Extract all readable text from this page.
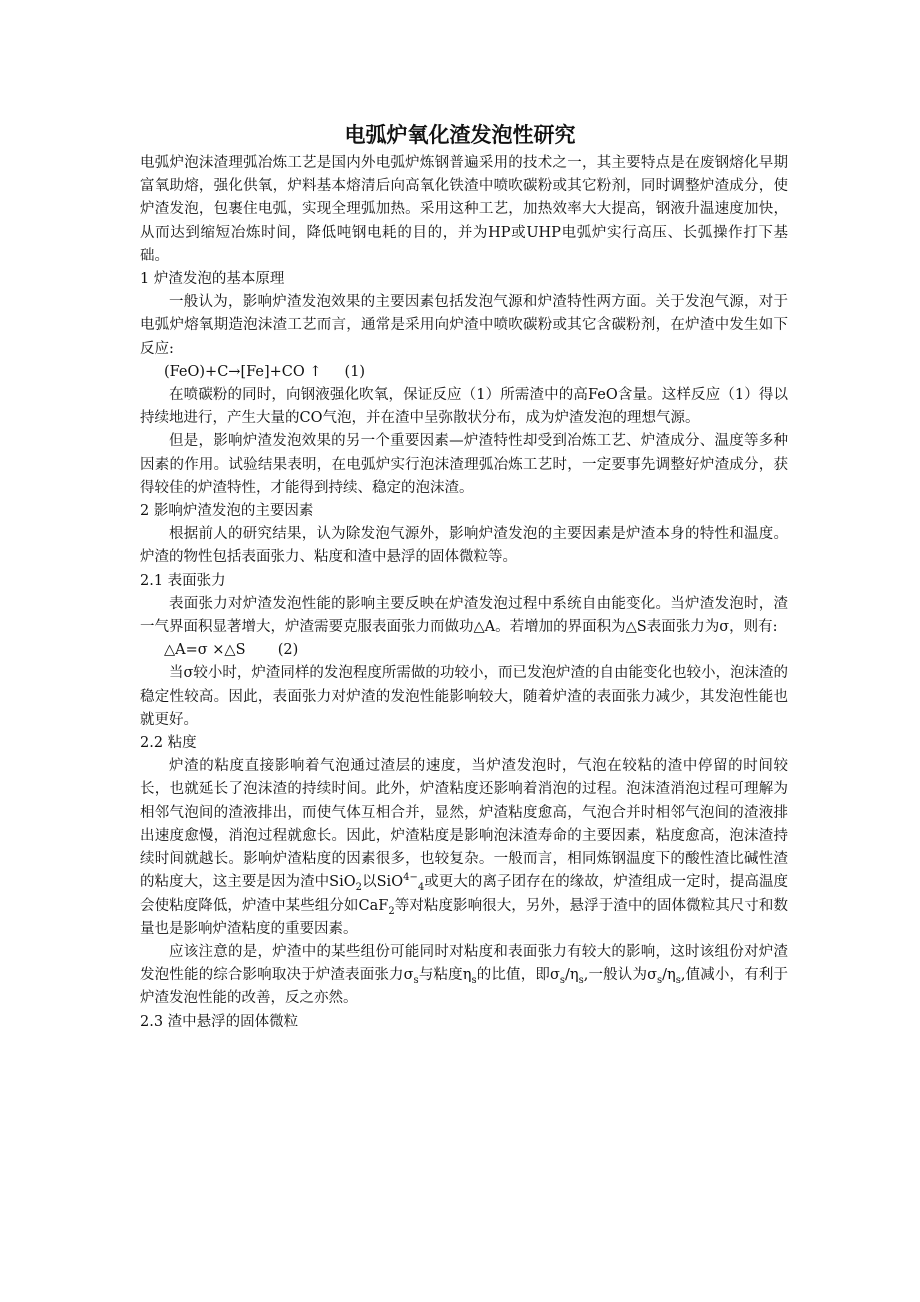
电弧炉氧化渣发泡性研究

电弧炉泡沫渣理弧冶炼工艺是国内外电弧炉炼钢普遍采用的技术之一，其主要特点是在废钢熔化早期富氧助熔，强化供氧，炉料基本熔清后向高氧化铁渣中喷吹碳粉或其它粉剂，同时调整炉渣成分，使炉渣发泡，包裹住电弧，实现全理弧加热。采用这种工艺，加热效率大大提高，钢液升温速度加快，从而达到缩短冶炼时间，降低吨钢电耗的目的，并为HP或UHP电弧炉实行高压、长弧操作打下基础。

1 炉渣发泡的基本原理

一般认为，影响炉渣发泡效果的主要因素包括发泡气源和炉渣特性两方面。关于发泡气源，对于电弧炉熔氧期造泡沫渣工艺而言，通常是采用向炉渣中喷吹碳粉或其它含碳粉剂，在炉渣中发生如下反应:

(FeO)+C→[Fe]+CO ↑     (1)

在喷碳粉的同时，向钢液强化吹氧，保证反应（1）所需渣中的高FeO含量。这样反应（1）得以持续地进行，产生大量的CO气泡，并在渣中呈弥散状分布，成为炉渣发泡的理想气源。

但是，影响炉渣发泡效果的另一个重要因素—炉渣特性却受到冶炼工艺、炉渣成分、温度等多种因素的作用。试验结果表明，在电弧炉实行泡沫渣理弧冶炼工艺时，一定要事先调整好炉渣成分，获得较佳的炉渣特性，才能得到持续、稳定的泡沫渣。

2 影响炉渣发泡的主要因素

根据前人的研究结果，认为除发泡气源外，影响炉渣发泡的主要因素是炉渣本身的特性和温度。炉渣的物性包括表面张力、粘度和渣中悬浮的固体微粒等。

2.1 表面张力

表面张力对炉渣发泡性能的影响主要反映在炉渣发泡过程中系统自由能变化。当炉渣发泡时，渣一气界面积显著增大，炉渣需要克服表面张力而做功△A。若增加的界面积为△S表面张力为σ，则有:

△A=σ ×△S       (2)

当σ较小时，炉渣同样的发泡程度所需做的功较小，而已发泡炉渣的自由能变化也较小，泡沫渣的稳定性较高。因此，表面张力对炉渣的发泡性能影响较大，随着炉渣的表面张力减少，其发泡性能也就更好。

2.2 粘度

炉渣的粘度直接影响着气泡通过渣层的速度，当炉渣发泡时，气泡在较粘的渣中停留的时间较长，也就延长了泡沫渣的持续时间。此外，炉渣粘度还影响着消泡的过程。泡沫渣消泡过程可理解为相邻气泡间的渣液排出，而使气体互相合并，显然，炉渣粘度愈高，气泡合并时相邻气泡间的渣液排出速度愈慢，消泡过程就愈长。因此，炉渣粘度是影响泡沫渣寿命的主要因素，粘度愈高，泡沫渣持续时间就越长。影响炉渣粘度的因素很多，也较复杂。一般而言，相同炼钢温度下的酸性渣比碱性渣的粘度大，这主要是因为渣中SiO$_2$以SiO$^{4-}_4$或更大的离子团存在的缘故，炉渣组成一定时，提高温度会使粘度降低，炉渣中某些组分如CaF$_2$等对粘度影响很大，另外，悬浮于渣中的固体微粒其尺寸和数量也是影响炉渣粘度的重要因素。

应该注意的是，炉渣中的某些组份可能同时对粘度和表面张力有较大的影响，这时该组份对炉渣发泡性能的综合影响取决于炉渣表面张力$\sigma_s$与粘度$\eta_s$的比值，即$\sigma_s/\eta_s$,一般认为$\sigma_s/\eta_s$,值减小，有利于炉渣发泡性能的改善，反之亦然。

2.3 渣中悬浮的固体微粒
